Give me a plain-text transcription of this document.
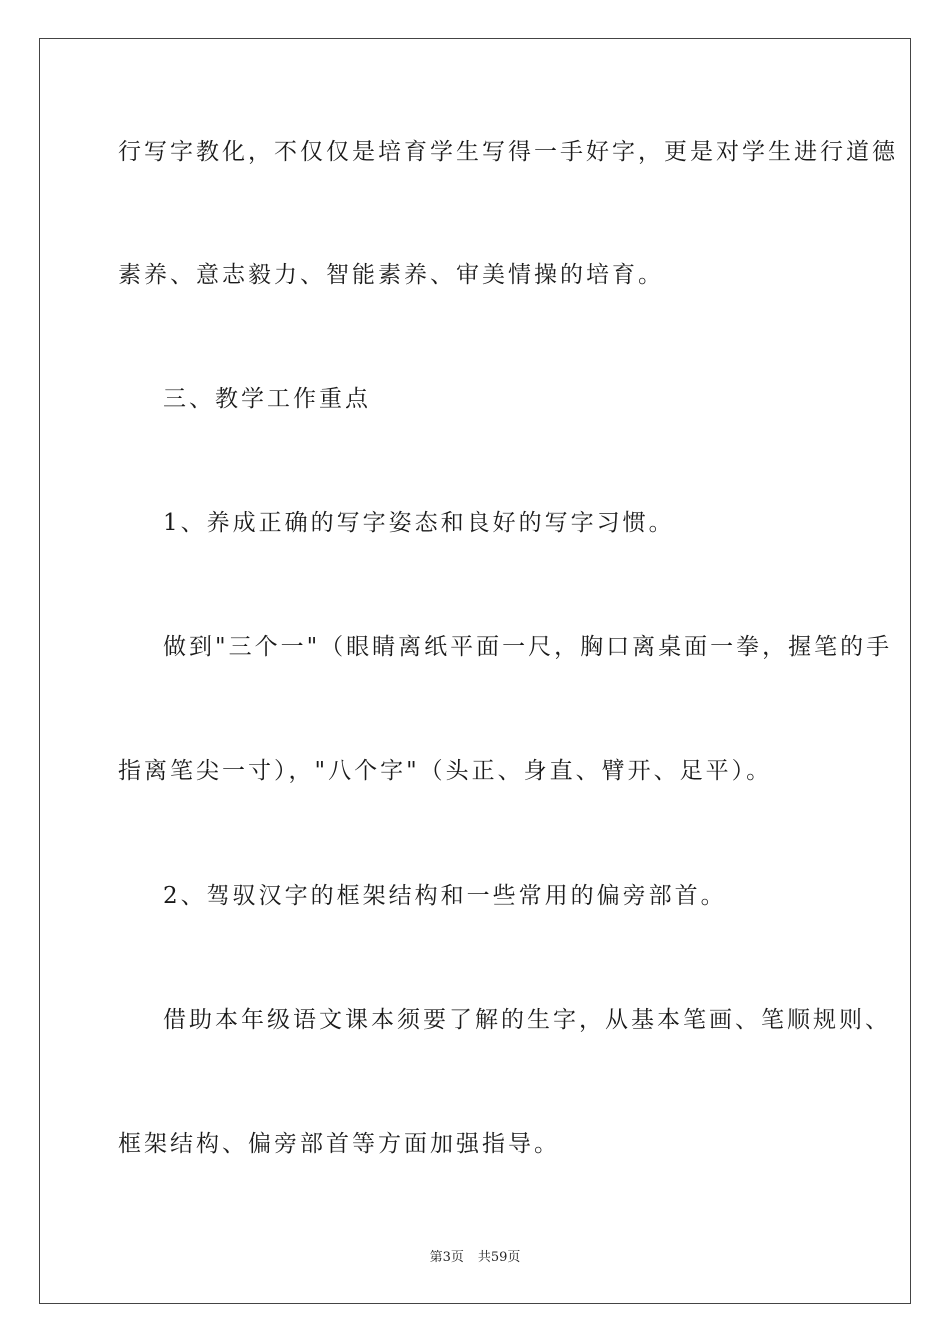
行写字教化，不仅仅是培育学生写得一手好字，更是对学生进行道德
素养、意志毅力、智能素养、审美情操的培育。
三、教学工作重点
1、养成正确的写字姿态和良好的写字习惯。
做到"三个一"（眼睛离纸平面一尺，胸口离桌面一拳，握笔的手
指离笔尖一寸），"八个字"（头正、身直、臂开、足平）。
2、驾驭汉字的框架结构和一些常用的偏旁部首。
借助本年级语文课本须要了解的生字，从基本笔画、笔顺规则、
框架结构、偏旁部首等方面加强指导。
第3页 共59页
